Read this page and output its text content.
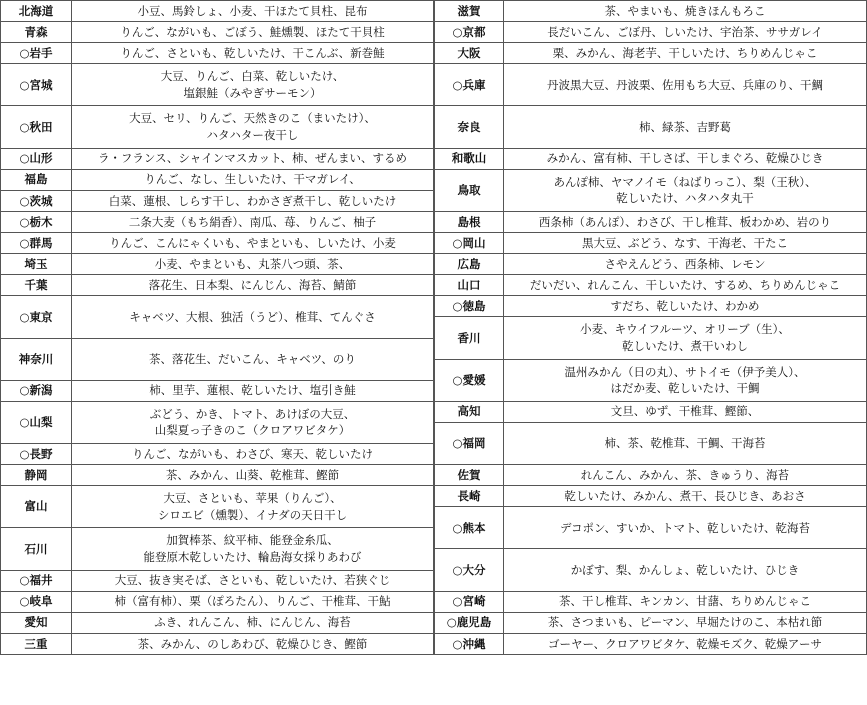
北海道	小豆、馬鈴しょ、小麦、干ほたて貝柱、昆布

青森	りんご、ながいも、ごぼう、鮭燻製、ほたて干貝柱

○岩手	りんご、さといも、乾しいたけ、干こんぶ、新巻鮭

○宮城	大豆、りんご、白菜、乾しいたけ、
塩銀鮭（みやぎサーモン）

○秋田	大豆、セリ、りんご、天然きのこ（まいたけ）、
ハタハター夜干し

○山形	ラ・フランス、シャインマスカット、柿、ぜんまい、するめ

福島	りんご、なし、生しいたけ、干マガレイ、

○茨城	白菜、蓮根、しらす干し、わかさぎ煮干し、乾しいたけ

○栃木	二条大麦（もち絹香）、南瓜、苺、りんご、柚子

○群馬	りんご、こんにゃくいも、やまといも、しいたけ、小麦

埼玉	小麦、やまといも、丸茶八つ頭、茶、

千葉	落花生、日本梨、にんじん、海苔、鯖節

○東京	キャベツ、大根、独活（うど）、椎茸、てんぐさ

神奈川	茶、落花生、だいこん、キャベツ、のり

○新潟	柿、里芋、蓮根、乾しいたけ、塩引き鮭

○山梨	ぶどう、かき、トマト、あけぼの大豆、
山梨夏っ子きのこ（クロアワビタケ）

○長野	りんご、ながいも、わさび、寒天、乾しいたけ

静岡	茶、みかん、山葵、乾椎茸、鰹節

富山	大豆、さといも、苹果（りんご）、
シロエビ（燻製）、イナダの天日干し

石川	加賀棒茶、紋平柿、能登金糸瓜、
能登原木乾しいたけ、輪島海女採りあわび

○福井	大豆、抜き実そば、さといも、乾しいたけ、若狭ぐじ

○岐阜	柿（富有柿）、栗（ぽろたん）、りんご、干椎茸、干鮎

愛知	ふき、れんこん、柿、にんじん、海苔

三重	茶、みかん、のしあわび、乾燥ひじき、鰹節
滋賀	茶、やまいも、焼きほんもろこ

○京都	長だいこん、ごぼ丹、しいたけ、宇治茶、ササガレイ

大阪	栗、みかん、海老芋、干しいたけ、ちりめんじゃこ

○兵庫	丹波黒大豆、丹波栗、佐用もち大豆、兵庫のり、干鯛

奈良	柿、緑茶、吉野葛

和歌山	みかん、富有柿、干しさば、干しまぐろ、乾燥ひじき

鳥取	あんぽ柿、ヤマノイモ（ねばりっこ）、梨（王秋）、
乾しいたけ、ハタハタ丸干

島根	西条柿（あんぽ）、わさび、干し椎茸、板わかめ、岩のり

○岡山	黒大豆、ぶどう、なす、干海老、干たこ

広島	さやえんどう、西条柿、レモン

山口	だいだい、れんこん、干しいたけ、するめ、ちりめんじゃこ

○徳島	すだち、乾しいたけ、わかめ

香川	小麦、キウイフルーツ、オリーブ（生）、
乾しいたけ、煮干いわし

○愛媛	温州みかん（日の丸）、サトイモ（伊予美人）、
はだか麦、乾しいたけ、干鯛

高知	文旦、ゆず、干椎茸、鰹節、

○福岡	柿、茶、乾椎茸、干鯛、干海苔

佐賀	れんこん、みかん、茶、きゅうり、海苔

長崎	乾しいたけ、みかん、煮干、長ひじき、あおさ

○熊本	デコポン、すいか、トマト、乾しいたけ、乾海苔

○大分	かぼす、梨、かんしょ、乾しいたけ、ひじき

○宮崎	茶、干し椎茸、キンカン、甘藷、ちりめんじゃこ

○鹿児島	茶、さつまいも、ピーマン、早堀たけのこ、本枯れ節

○沖縄	ゴーヤー、クロアワビタケ、乾燥モズク、乾燥アーサ
